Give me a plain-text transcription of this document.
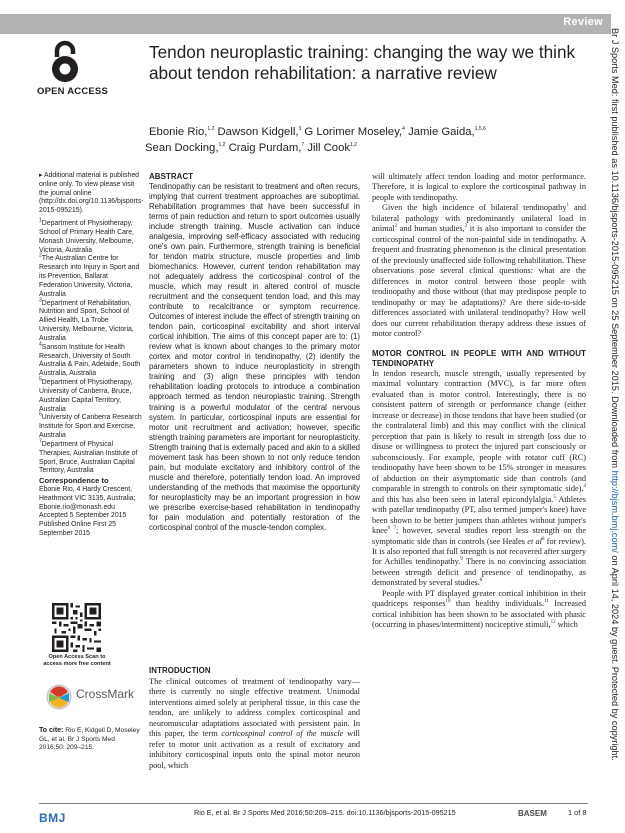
Review
Br J Sports Med: first published as 10.1136/bjsports-2015-095215 on 25 September 2015. Downloaded from http://bjsm.bmj.com/ on April 14, 2024 by guest. Protected by copyright.
OPEN ACCESS
Tendon neuroplastic training: changing the way we think about tendon rehabilitation: a narrative review
Ebonie Rio,$^{1,2}$ Dawson Kidgell,$^3$ G Lorimer Moseley,$^4$ Jamie Gaida,$^{1,5,6}$
Sean Docking,$^{1,2}$ Craig Purdam,$^7$ Jill Cook$^{1,2}$

▸ Additional material is published online only. To view please visit the journal online (http://dx.doi.org/10.1136/bjsports-2015-095215).

$^1$Department of Physiotherapy, School of Primary Health Care, Monash University, Melbourne, Victoria, Australia

$^2$The Australian Centre for Research into Injury in Sport and its Prevention, Ballarat Federation University, Victoria, Australia

$^3$Department of Rehabilitation, Nutrition and Sport, School of Allied Health, La Trobe University, Melbourne, Victoria, Australia

$^4$Sansom Institute for Health Research, University of South Australia & Pain, Adelaide, South Australia, Australia

$^5$Department of Physiotherapy, University of Canberra, Bruce, Australian Capital Territory, Australia

$^6$University of Canberra Research Institute for Sport and Exercise, Australia

$^7$Department of Physical Therapies, Australian Institute of Sport, Bruce, Australian Capital Territory, Australia

Correspondence to

Ebonie Rio, 4 Hardy Crescent, Heathmont VIC 3135, Australia; Ebonie.rio@monash.edu

Accepted 5 September 2015

Published Online First 25 September 2015

Open Access Scan to access more free content
CrossMark
To cite: Rio E, Kidgell D, Moseley GL, et al. Br J Sports Med 2016;50: 209–215.

ABSTRACT

Tendinopathy can be resistant to treatment and often recurs, implying that current treatment approaches are suboptimal. Rehabilitation programmes that have been successful in terms of pain reduction and return to sport outcomes usually include strength training. Muscle activation can induce analgesia, improving self-efficacy associated with reducing one's own pain. Furthermore, strength training is beneficial for tendon matrix structure, muscle properties and limb biomechanics. However, current tendon rehabilitation may not adequately address the corticospinal control of the muscle, which may result in altered control of muscle recruitment and the consequent tendon load, and this may contribute to recalcitrance or symptom recurrence. Outcomes of interest include the effect of strength training on tendon pain, corticospinal excitability and short interval cortical inhibition. The aims of this concept paper are to: (1) review what is known about changes to the primary motor cortex and motor control in tendinopathy, (2) identify the parameters shown to induce neuroplasticity in strength training and (3) align these principles with tendon rehabilitation loading protocols to introduce a combination approach termed as tendon neuroplastic training. Strength training is a powerful modulator of the central nervous system. In particular, corticospinal inputs are essential for motor unit recruitment and activation; however, specific strength training parameters are important for neuroplasticity. Strength training that is externally paced and akin to a skilled movement task has been shown to not only reduce tendon pain, but modulate excitatory and inhibitory control of the muscle and therefore, potentially tendon load. An improved understanding of the methods that maximise the opportunity for neuroplasticity may be an important progression in how we prescribe exercise-based rehabilitation in tendinopathy for pain modulation and potentially restoration of the corticospinal control of the muscle-tendon complex.

INTRODUCTION

The clinical outcomes of treatment of tendinopathy vary—there is currently no single effective treatment. Unimodal interventions aimed solely at peripheral tissue, in this case the tendon, are unlikely to address complex corticospinal and neuromuscular adaptations associated with persistent pain. In this paper, the term corticospinal control of the muscle will refer to motor unit activation as a result of excitatory and inhibitory corticospinal inputs onto the spinal motor neuron pool, which

will ultimately affect tendon loading and motor performance. Therefore, it is logical to explore the corticospinal pathway in people with tendinopathy.

Given the high incidence of bilateral tendinopathy$^1$ and bilateral pathology with predominantly unilateral load in animal$^2$ and human studies,$^3$ it is also important to consider the corticospinal control of the non-painful side in tendinopathy. A frequent and frustrating phenomenon is the clinical presentation of the previously unaffected side following rehabilitation. These observations pose several clinical questions: what are the differences in motor control between those people with tendinopathy and those without (that may predispose people to tendinopathy or may be adaptations)? Are there side-to-side differences associated with unilateral tendinopathy? How well does our current rehabilitation therapy address these issues of motor control?

MOTOR CONTROL IN PEOPLE WITH AND WITHOUT TENDINOPATHY

In tendon research, muscle strength, usually represented by maximal voluntary contraction (MVC), is far more often evaluated than is motor control. Interestingly, there is no consistent pattern of strength or performance change (either increase or decrease) in those tendons that have been studied (or the contralateral limb) and this may conflict with the clinical perception that pain is likely to result in strength loss due to disuse or willingness to protect the injured part consciously or subconsciously. For example, people with rotator cuff (RC) tendinopathy have been shown to be 15% stronger in measures of abduction on their asymptomatic side than controls (and comparable in strength to controls on their symptomatic side),$^4$ and this has also been seen in lateral epicondylalgia.$^5$ Athletes with patellar tendinopathy (PT, also termed jumper's knee) have been shown to be better jumpers than athletes without jumper's knee$^{6 7}$; however, several studies report less strength on the symptomatic side than in controls (see Heales et $al^8$ for review). It is also reported that full strength is not recovered after surgery for Achilles tendinopathy.$^9$ There is no convincing association between strength deficit and presence of tendinopathy, as demonstrated by several studies.$^8$

People with PT displayed greater cortical inhibition in their quadriceps responses$^{10}$ than healthy individuals.$^{11}$ Increased cortical inhibition has been shown to be associated with phasic (occurring in phases/intermittent) nociceptive stimuli,$^{12}$ which

BMJ	Rio E, et al. Br J Sports Med 2016;50:209–215. doi:10.1136/bjsports-2015-095215	BASEM	1 of 8
